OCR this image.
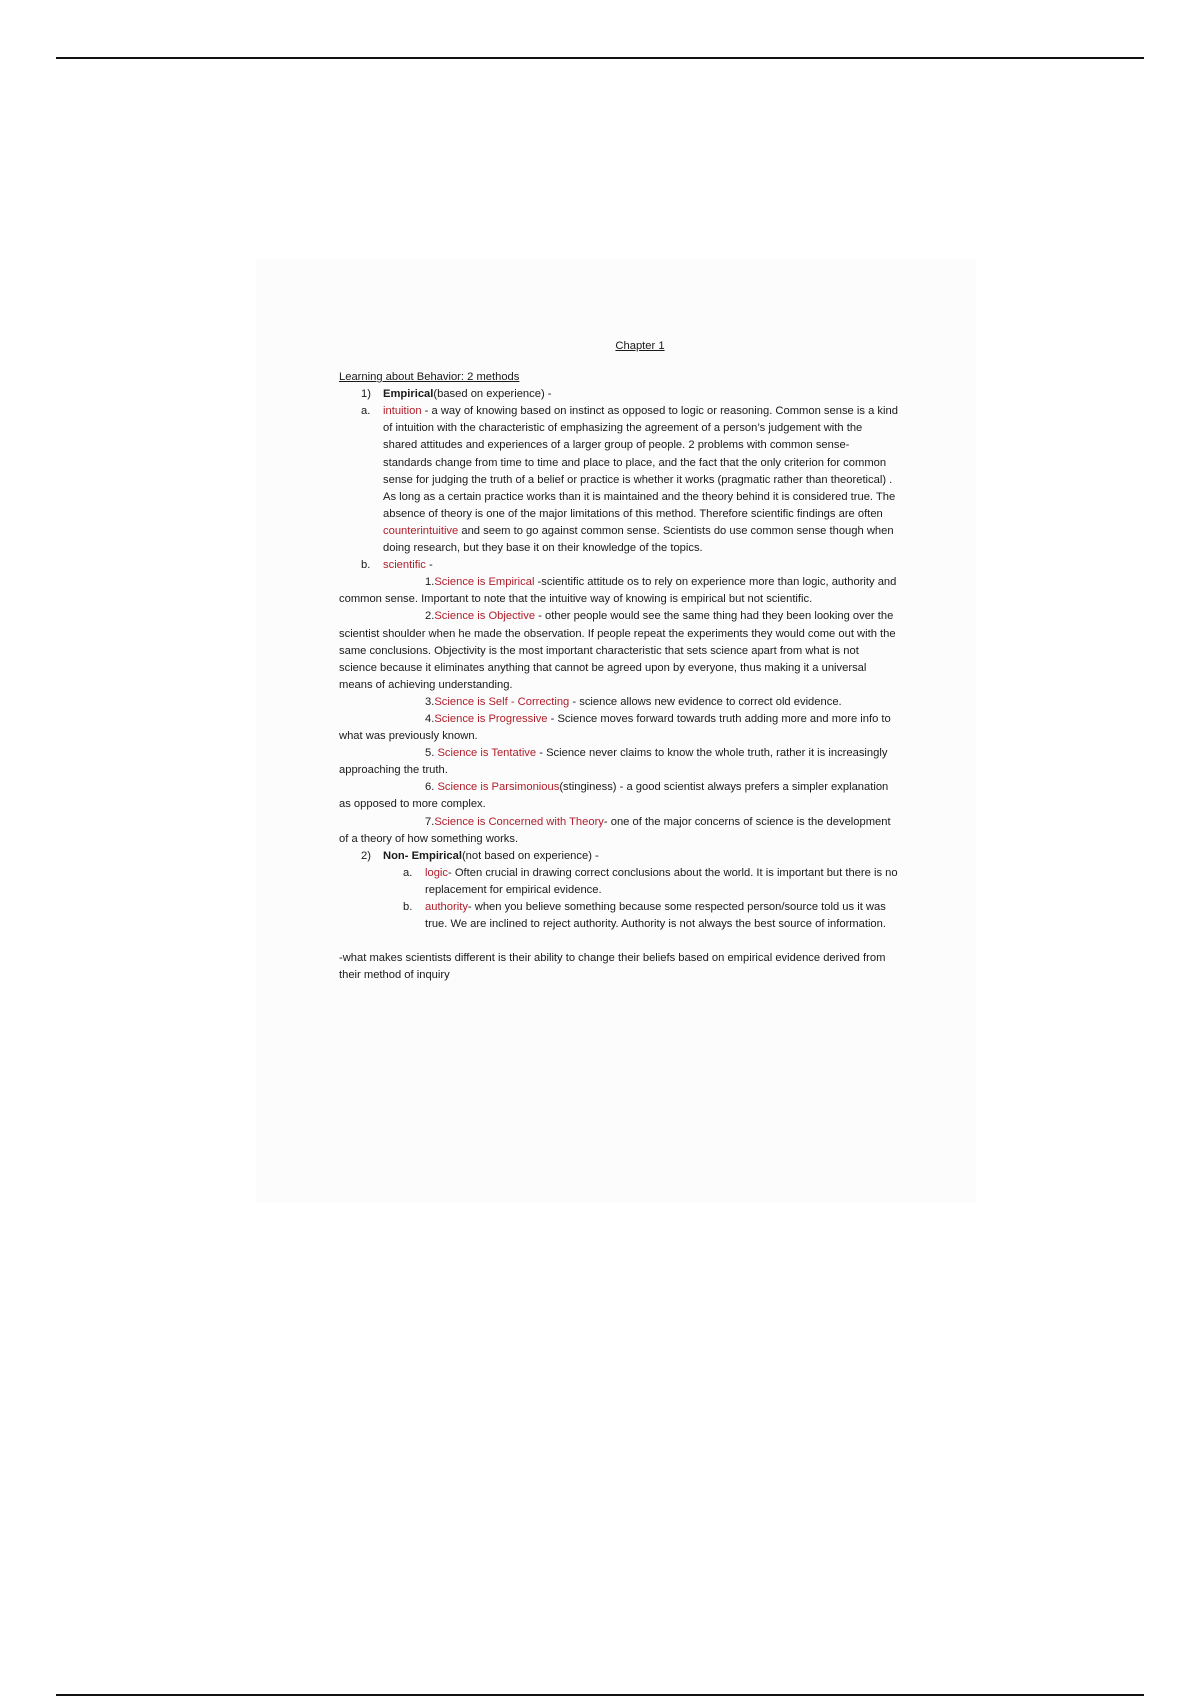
Chapter 1
Learning about Behavior: 2 methods
1)	Empirical(based on experience) -
a.	intuition - a way of knowing based on instinct as opposed to logic or reasoning. Common sense is a kind of intuition with the characteristic of emphasizing the agreement of a person’s judgement with the shared attitudes and experiences of a larger group of people. 2 problems with common sense- standards change from time to time and place to place, and the fact that the only criterion for common sense for judging the truth of a belief or practice is whether it works (pragmatic rather than theoretical) . As long as a certain practice works than it is maintained and the theory behind it is considered true. The absence of theory is one of the major limitations of this method. Therefore scientific findings are often counterintuitive and seem to go against common sense. Scientists do use common sense though when doing research, but they base it on their knowledge of the topics.
b.	scientific -
1.Science is Empirical -scientific attitude os to rely on experience more than logic, authority and common sense. Important to note that the intuitive way of knowing is empirical but not scientific.
2.Science is Objective - other people would see the same thing had they been looking over the scientist shoulder when he made the observation. If people repeat the experiments they would come out with the same conclusions. Objectivity is the most important characteristic that sets science apart from what is not science because it eliminates anything that cannot be agreed upon by everyone, thus making it a universal means of achieving understanding.
3.Science is Self - Correcting - science allows new evidence to correct old evidence.
4.Science is Progressive - Science moves forward towards truth adding more and more info to what was previously known.
5. Science is Tentative - Science never claims to know the whole truth, rather it is increasingly approaching the truth.
6. Science is Parsimonious(stinginess) - a good scientist always prefers a simpler explanation as opposed to more complex.
7.Science is Concerned with Theory- one of the major concerns of science is the development of a theory of how something works.
2)	Non- Empirical(not based on experience) -
a.	logic- Often crucial in drawing correct conclusions about the world. It is important but there is no replacement for empirical evidence.
b.	authority- when you believe something because some respected person/source told us it was true. We are inclined to reject authority. Authority is not always the best source of information.
-what makes scientists different is their ability to change their beliefs based on empirical evidence derived from their method of inquiry
